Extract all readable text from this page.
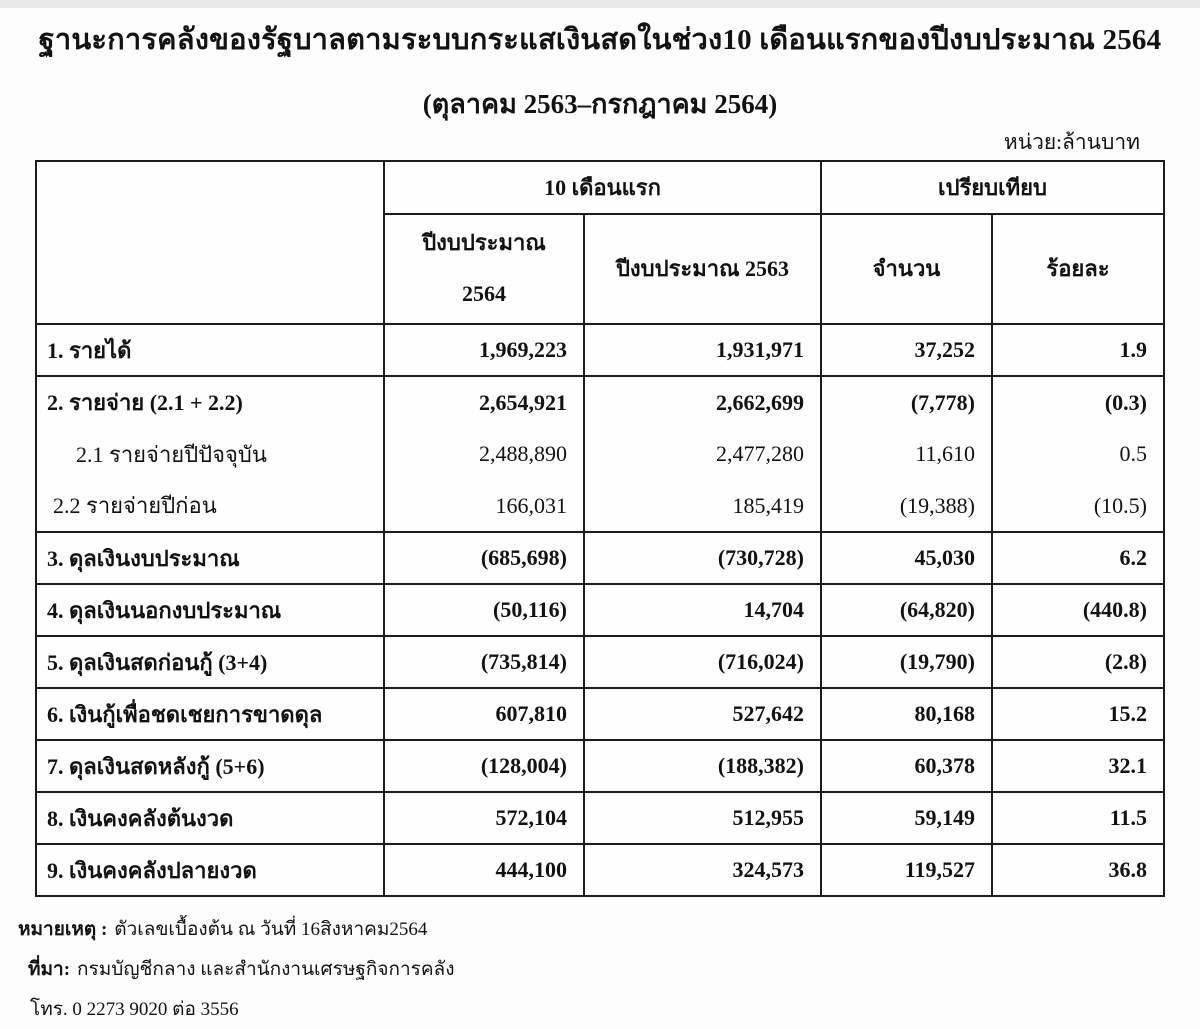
ฐานะการคลังของรัฐบาลตามระบบกระแสเงินสดในช่วง10 เดือนแรกของปีงบประมาณ 2564
(ตุลาคม 2563–กรกฎาคม 2564)
หน่วย:ล้านบาท
	10 เดือนแรก		เปรียบเทียบ	
	ปีงบประมาณ 2564	ปีงบประมาณ 2563	จำนวน	ร้อยละ
1. รายได้	1,969,223	1,931,971	37,252	1.9
2. รายจ่าย (2.1 + 2.2)	2,654,921	2,662,699	(7,778)	(0.3)
2.1 รายจ่ายปีปัจจุบัน	2,488,890	2,477,280	11,610	0.5
2.2 รายจ่ายปีก่อน	166,031	185,419	(19,388)	(10.5)
3. ดุลเงินงบประมาณ	(685,698)	(730,728)	45,030	6.2
4. ดุลเงินนอกงบประมาณ	(50,116)	14,704	(64,820)	(440.8)
5. ดุลเงินสดก่อนกู้ (3+4)	(735,814)	(716,024)	(19,790)	(2.8)
6. เงินกู้เพื่อชดเชยการขาดดุล	607,810	527,642	80,168	15.2
7. ดุลเงินสดหลังกู้ (5+6)	(128,004)	(188,382)	60,378	32.1
8. เงินคงคลังต้นงวด	572,104	512,955	59,149	11.5
9. เงินคงคลังปลายงวด	444,100	324,573	119,527	36.8

หมายเหตุ : ตัวเลขเบื้องต้น ณ วันที่ 16สิงหาคม2564

ที่มา: กรมบัญชีกลาง และสำนักงานเศรษฐกิจการคลัง

โทร. 0 2273 9020 ต่อ 3556
